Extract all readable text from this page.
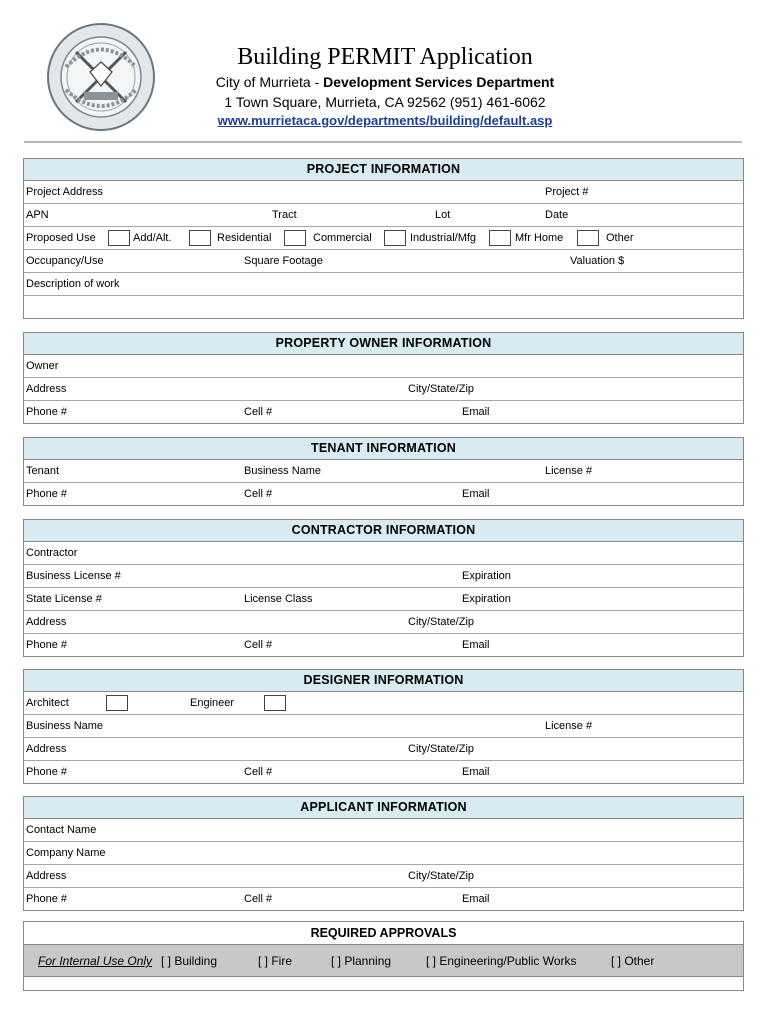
Building PERMIT Application
City of Murrieta - Development Services Department
1 Town Square, Murrieta, CA 92562 (951) 461-6062
www.murrietaca.gov/departments/building/default.asp
PROJECT INFORMATION
Project Address	Project #
APN	Tract	Lot	Date
Proposed Use	Add/Alt.	Residential	Commercial	Industrial/Mfg	Mfr Home	Other
Occupancy/Use	Square Footage	Valuation $
Description of work
PROPERTY OWNER INFORMATION
Owner
Address	City/State/Zip
Phone #	Cell #	Email
TENANT INFORMATION
Tenant	Business Name	License #
Phone #	Cell #	Email
CONTRACTOR INFORMATION
Contractor
Business License #	Expiration
State License #	License Class	Expiration
Address	City/State/Zip
Phone #	Cell #	Email
DESIGNER INFORMATION
Architect	Engineer
Business Name	License #
Address	City/State/Zip
Phone #	Cell #	Email
APPLICANT INFORMATION
Contact Name
Company Name
Address	City/State/Zip
Phone #	Cell #	Email
REQUIRED APPROVALS
For Internal Use Only [ ] Building	[ ] Fire	[ ] Planning	[ ] Engineering/Public Works	[ ] Other
